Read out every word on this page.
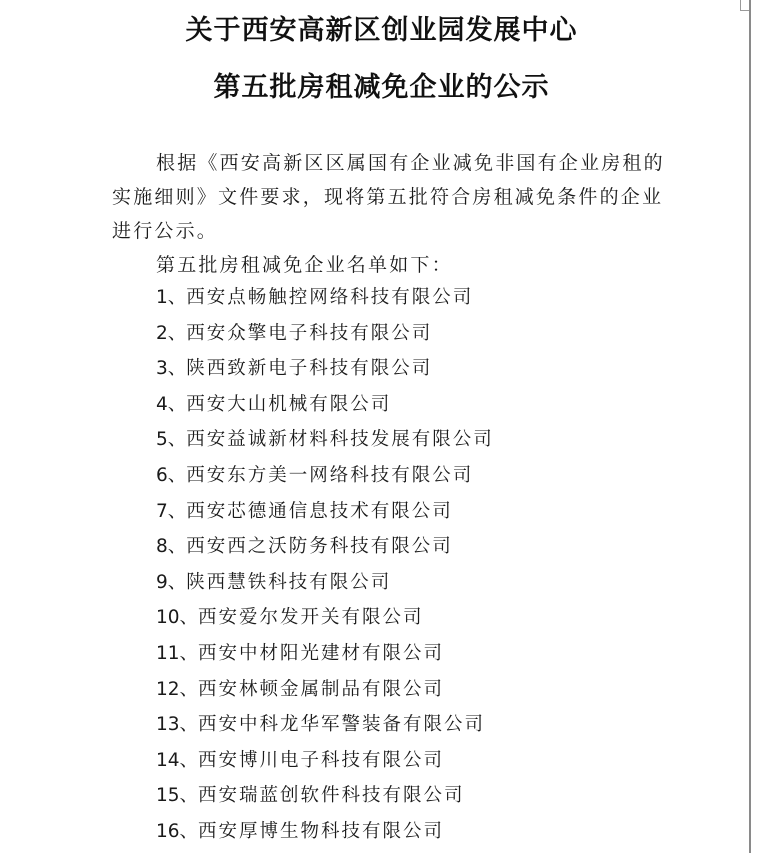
关于西安高新区创业园发展中心
第五批房租减免企业的公示
根据《西安高新区区属国有企业减免非国有企业房租的
实施细则》文件要求，现将第五批符合房租减免条件的企业
进行公示。
第五批房租减免企业名单如下：
1、西安点畅触控网络科技有限公司
2、西安众擎电子科技有限公司
3、陕西致新电子科技有限公司
4、西安大山机械有限公司
5、西安益诚新材料科技发展有限公司
6、西安东方美一网络科技有限公司
7、西安芯德通信息技术有限公司
8、西安西之沃防务科技有限公司
9、陕西慧铁科技有限公司
10、西安爱尔发开关有限公司
11、西安中材阳光建材有限公司
12、西安林顿金属制品有限公司
13、西安中科龙华军警装备有限公司
14、西安博川电子科技有限公司
15、西安瑞蓝创软件科技有限公司
16、西安厚博生物科技有限公司
